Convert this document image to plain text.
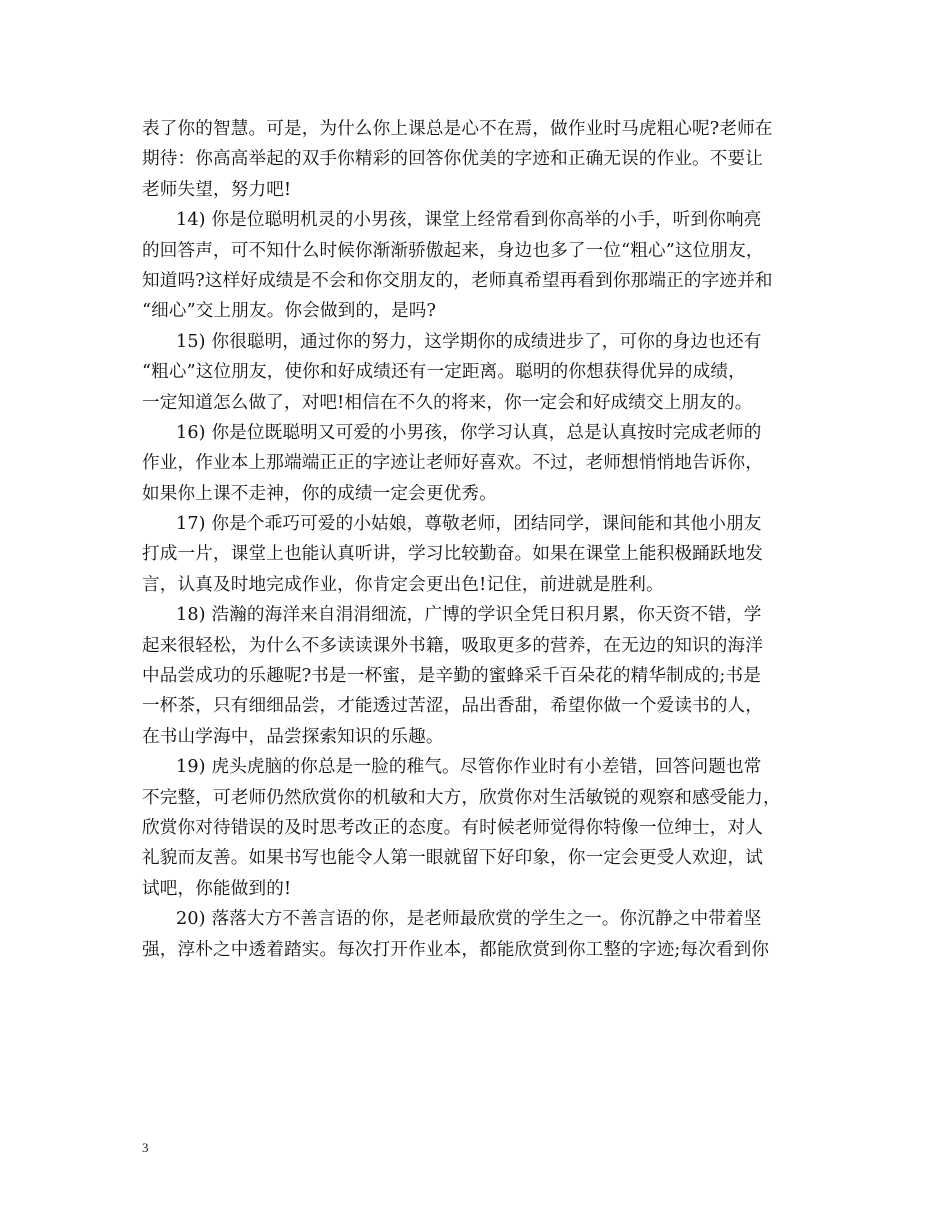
表了你的智慧。可是，为什么你上课总是心不在焉，做作业时马虎粗心呢?老师在
期待：你高高举起的双手你精彩的回答你优美的字迹和正确无误的作业。不要让
老师失望，努力吧!
14) 你是位聪明机灵的小男孩，课堂上经常看到你高举的小手，听到你响亮
的回答声，可不知什么时候你渐渐骄傲起来，身边也多了一位“粗心”这位朋友，
知道吗?这样好成绩是不会和你交朋友的，老师真希望再看到你那端正的字迹并和
“细心”交上朋友。你会做到的，是吗?
15) 你很聪明，通过你的努力，这学期你的成绩进步了，可你的身边也还有
“粗心”这位朋友，使你和好成绩还有一定距离。聪明的你想获得优异的成绩，
一定知道怎么做了，对吧!相信在不久的将来，你一定会和好成绩交上朋友的。
16) 你是位既聪明又可爱的小男孩，你学习认真，总是认真按时完成老师的
作业，作业本上那端端正正的字迹让老师好喜欢。不过，老师想悄悄地告诉你，
如果你上课不走神，你的成绩一定会更优秀。
17) 你是个乖巧可爱的小姑娘，尊敬老师，团结同学，课间能和其他小朋友
打成一片，课堂上也能认真听讲，学习比较勤奋。如果在课堂上能积极踊跃地发
言，认真及时地完成作业，你肯定会更出色!记住，前进就是胜利。
18) 浩瀚的海洋来自涓涓细流，广博的学识全凭日积月累，你天资不错，学
起来很轻松，为什么不多读读课外书籍，吸取更多的营养，在无边的知识的海洋
中品尝成功的乐趣呢?书是一杯蜜，是辛勤的蜜蜂采千百朵花的精华制成的;书是
一杯茶，只有细细品尝，才能透过苦涩，品出香甜，希望你做一个爱读书的人，
在书山学海中，品尝探索知识的乐趣。
19) 虎头虎脑的你总是一脸的稚气。尽管你作业时有小差错，回答问题也常
不完整，可老师仍然欣赏你的机敏和大方，欣赏你对生活敏锐的观察和感受能力，
欣赏你对待错误的及时思考改正的态度。有时候老师觉得你特像一位绅士，对人
礼貌而友善。如果书写也能令人第一眼就留下好印象，你一定会更受人欢迎，试
试吧，你能做到的!
20) 落落大方不善言语的你，是老师最欣赏的学生之一。你沉静之中带着坚
强，淳朴之中透着踏实。每次打开作业本，都能欣赏到你工整的字迹;每次看到你
3
